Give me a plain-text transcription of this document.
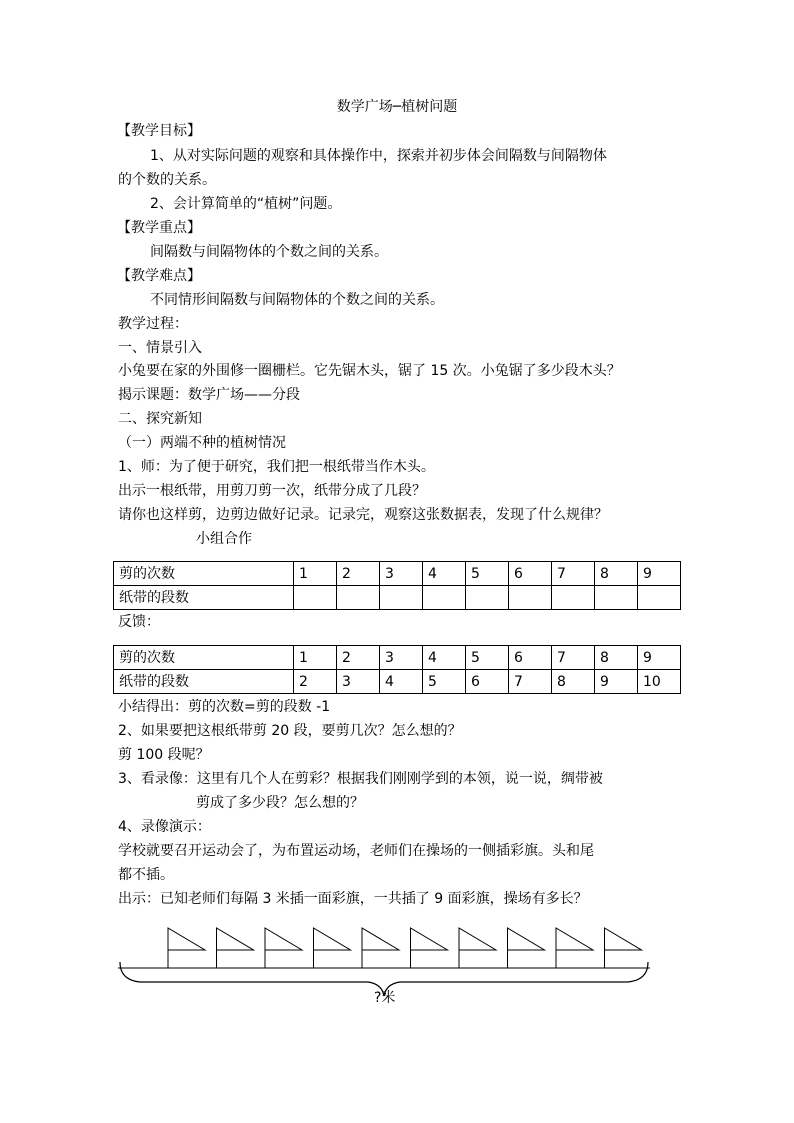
数学广场─植树问题
【教学目标】
1、从对实际问题的观察和具体操作中，探索并初步体会间隔数与间隔物体
的个数的关系。
2、会计算简单的“植树”问题。
【教学重点】
间隔数与间隔物体的个数之间的关系。
【教学难点】
不同情形间隔数与间隔物体的个数之间的关系。
教学过程：
一、情景引入
小兔要在家的外围修一圈栅栏。它先锯木头，锯了 15 次。小兔锯了多少段木头？
揭示课题：数学广场——分段
二、探究新知
（一）两端不种的植树情况
1、师：为了便于研究，我们把一根纸带当作木头。
出示一根纸带，用剪刀剪一次，纸带分成了几段？
请你也这样剪，边剪边做好记录。记录完，观察这张数据表，发现了什么规律？
小组合作
剪的次数	1	2	3	4	5	6	7	8	9
纸带的段数									
反馈：
剪的次数	1	2	3	4	5	6	7	8	9
纸带的段数	2	3	4	5	6	7	8	9	10
小结得出：剪的次数=剪的段数 -1
2、如果要把这根纸带剪 20 段，要剪几次？怎么想的？
剪 100 段呢？
3、看录像：这里有几个人在剪彩？根据我们刚刚学到的本领，说一说，绸带被
剪成了多少段？怎么想的？
4、录像演示：
学校就要召开运动会了，为布置运动场，老师们在操场的一侧插彩旗。头和尾
都不插。
出示：已知老师们每隔 3 米插一面彩旗，一共插了 9 面彩旗，操场有多长？
?米
